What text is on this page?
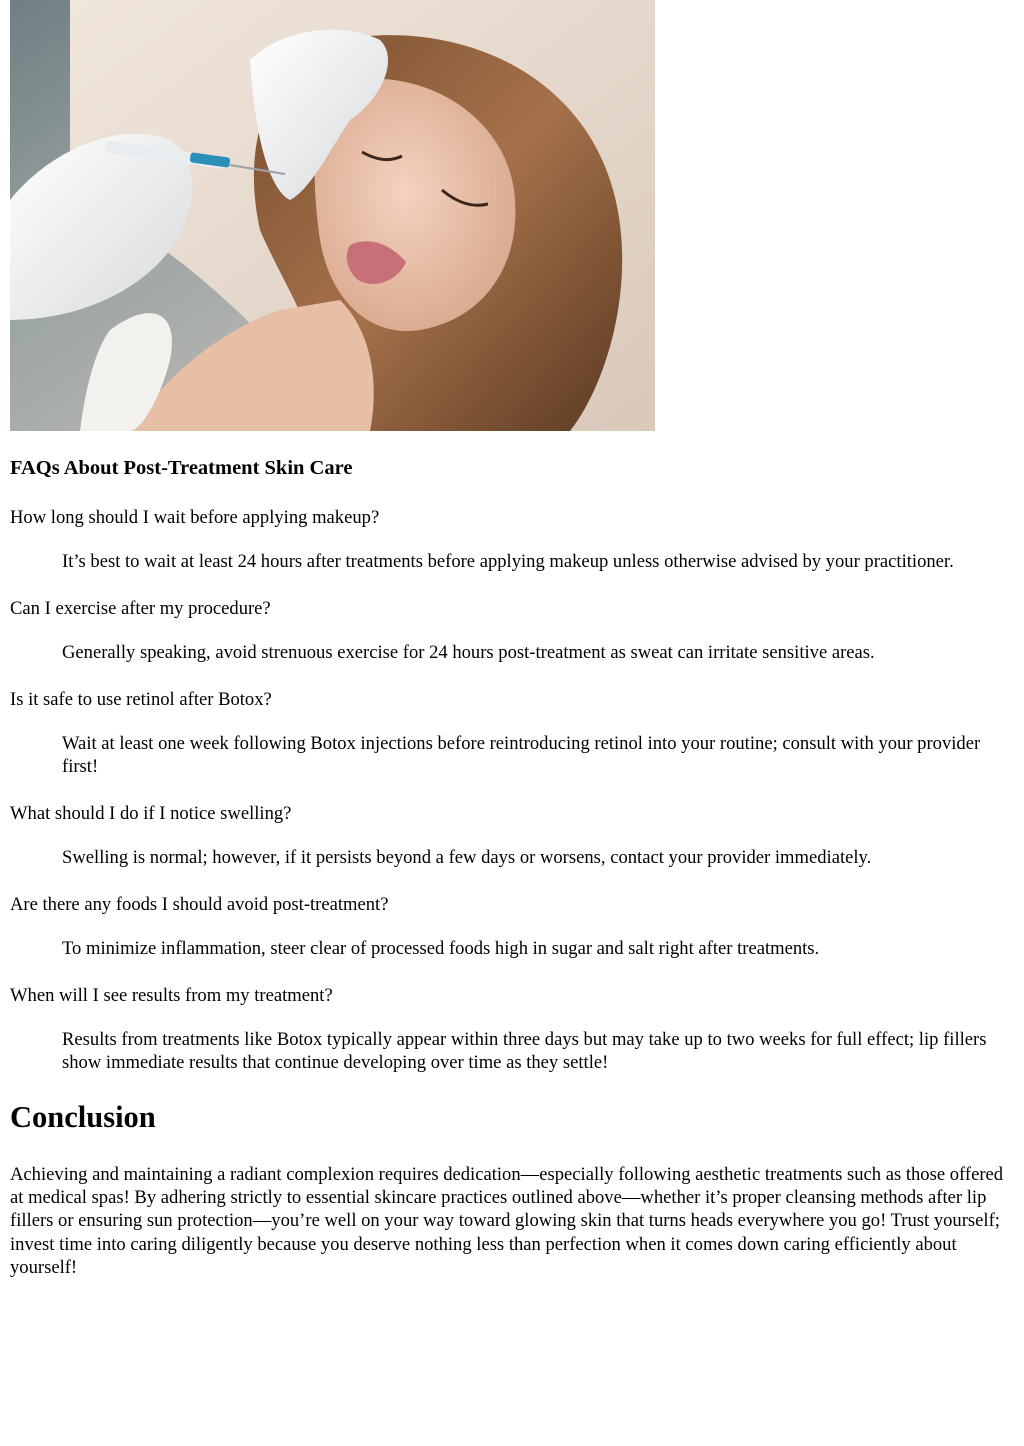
FAQs About Post-Treatment Skin Care
How long should I wait before applying makeup?
It’s best to wait at least 24 hours after treatments before applying makeup unless otherwise advised by your practitioner.
Can I exercise after my procedure?
Generally speaking, avoid strenuous exercise for 24 hours post-treatment as sweat can irritate sensitive areas.
Is it safe to use retinol after Botox?
Wait at least one week following Botox injections before reintroducing retinol into your routine; consult with your provider first!
What should I do if I notice swelling?
Swelling is normal; however, if it persists beyond a few days or worsens, contact your provider immediately.
Are there any foods I should avoid post-treatment?
To minimize inflammation, steer clear of processed foods high in sugar and salt right after treatments.
When will I see results from my treatment?
Results from treatments like Botox typically appear within three days but may take up to two weeks for full effect; lip fillers show immediate results that continue developing over time as they settle!
Conclusion

Achieving and maintaining a radiant complexion requires dedication—especially following aesthetic treatments such as those offered at medical spas! By adhering strictly to essential skincare practices outlined above—whether it’s proper cleansing methods after lip fillers or ensuring sun protection—you’re well on your way toward glowing skin that turns heads everywhere you go! Trust yourself; invest time into caring diligently because you deserve nothing less than perfection when it comes down caring efficiently about yourself!
